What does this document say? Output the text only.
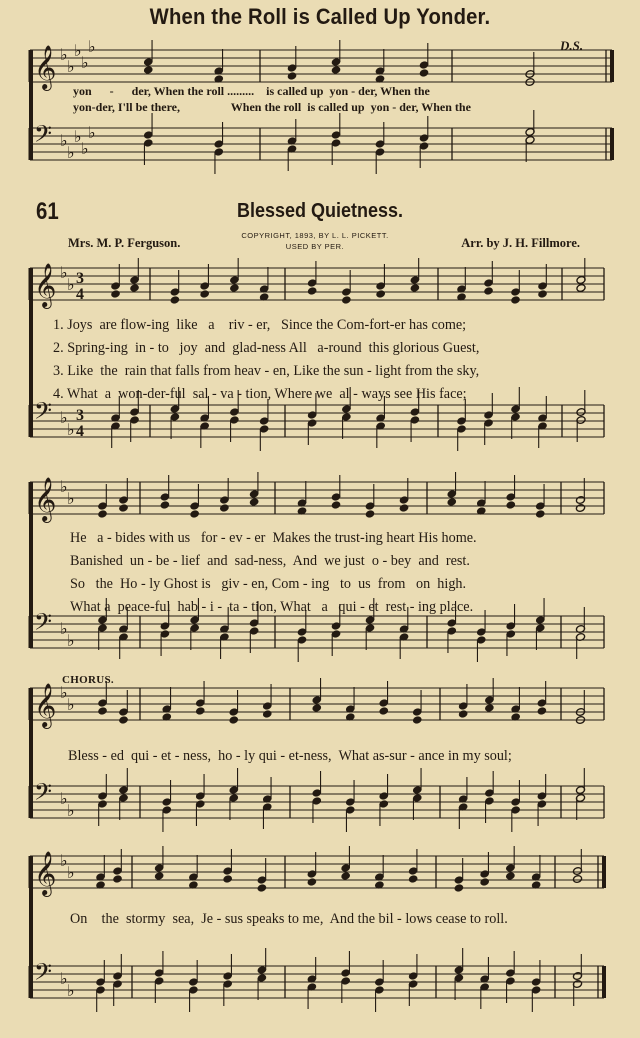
When the Roll is Called Up Yonder.
D.S.
61	Blessed Quietness.
Mrs. M. P. Ferguson.
COPYRIGHT, 1893, BY L. L. PICKETT.
USED BY PER.	Arr. by J. H. Fillmore.
𝄞 ♭
♭
♭
♭
♭
𝄢 ♭
♭
♭
♭
♭
𝄞 ♭
♭ 3
4
𝄢 ♭
♭
3
4
𝄞 ♭
♭
𝄢 ♭
♭
𝄞 ♭
♭
𝄢 ♭
♭
𝄞 ♭
♭
𝄢 ♭
♭
yon      -      der, When the roll .........    is called up  yon - der, When the
yon-der, I'll be there,                 When the roll  is called up  yon - der, When the
1. Joys  are flow-ing  like   a    riv - er,   Since the Com-fort-er has come;
2. Spring-ing  in - to   joy  and  glad-ness All   a-round  this glorious Guest,
3. Like  the  rain that falls from heav - en, Like the sun - light from the sky,
4. What  a  won-der-ful  sal - va - tion, Where we  al - ways see His face;
He   a - bides with us   for - ev - er  Makes the trust-ing heart His home.
Banished  un - be - lief  and  sad-ness,  And  we just  o - bey  and  rest.
So   the  Ho - ly Ghost is   giv - en, Com - ing   to  us  from   on  high.
What a  peace-ful  hab - i -  ta - tion, What   a   qui - et  rest - ing place.
CHORUS.
Bless - ed  qui - et - ness,  ho - ly qui - et-ness,  What as-sur - ance in my soul;
On    the  stormy  sea,  Je - sus speaks to me,  And the bil - lows cease to roll.
